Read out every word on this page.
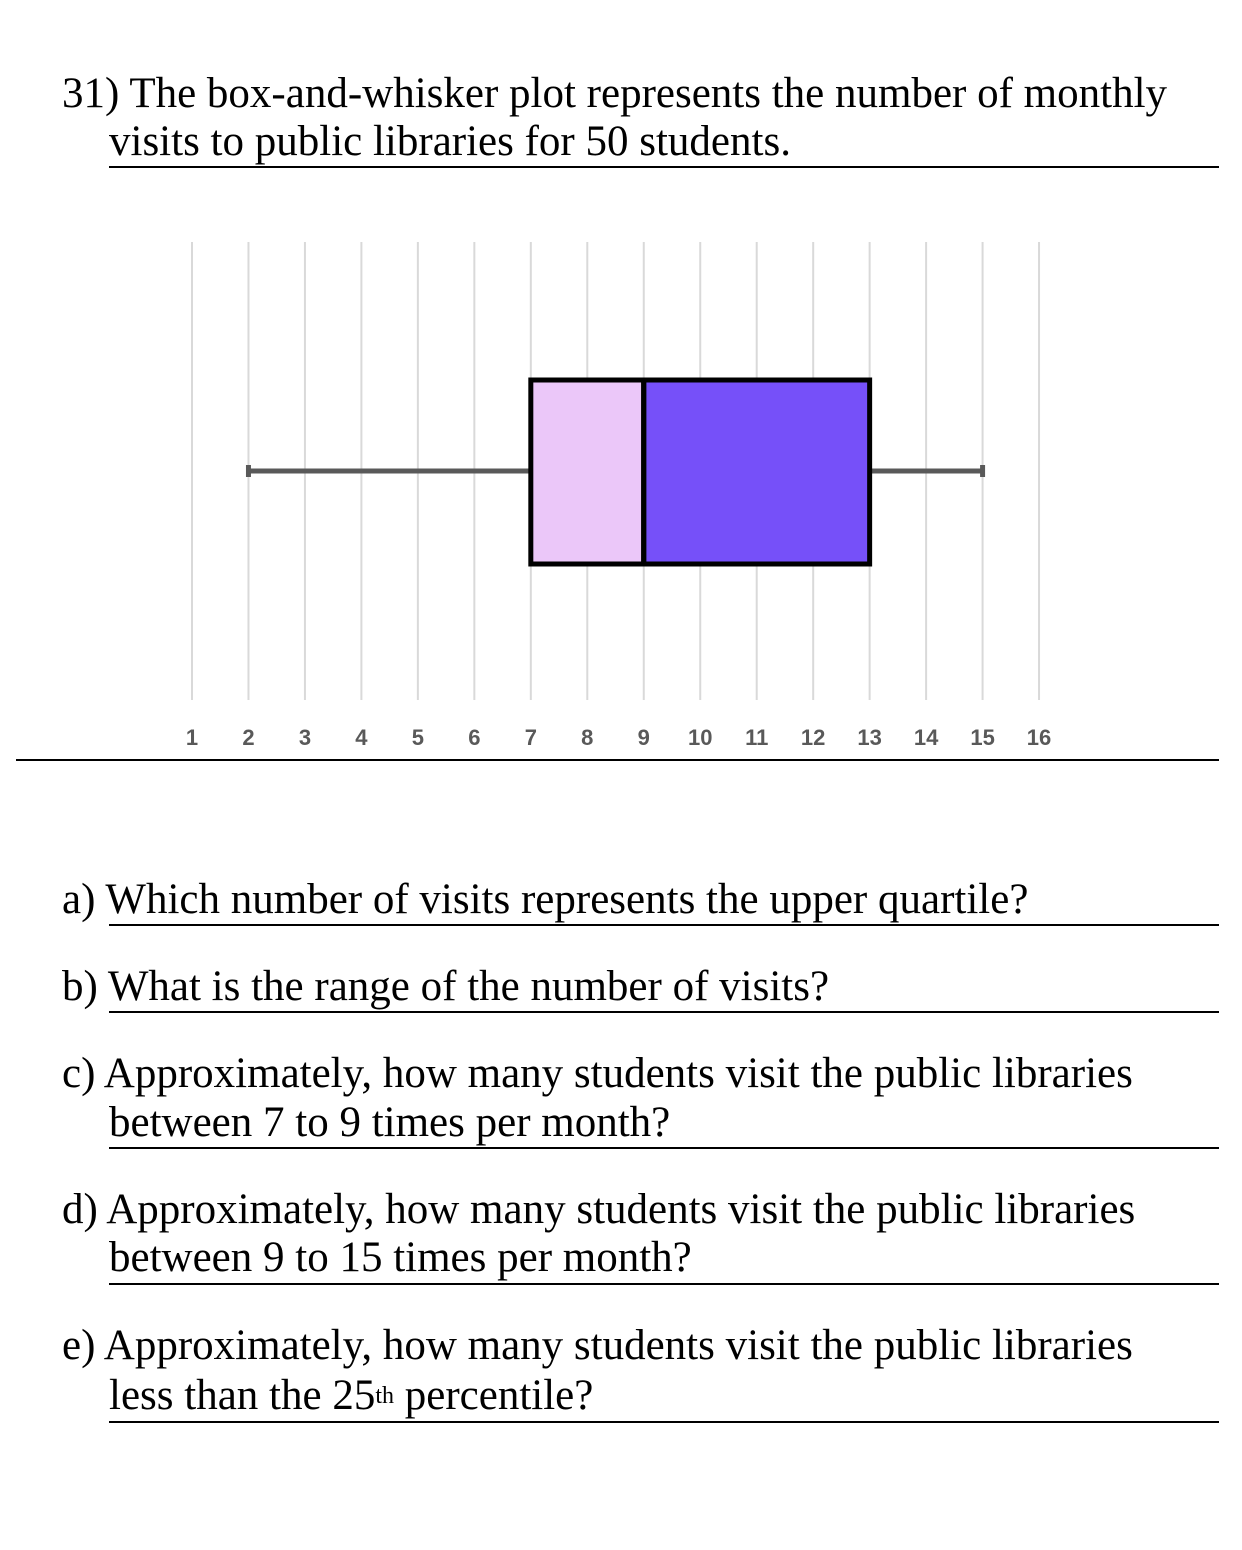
31) The box-and-whisker plot represents the number of monthly
visits to public libraries for 50 students.
1 2 3 4 5 6 7 8 9 10 11 12 13 14 15 16
a) Which number of visits represents the upper quartile?
b) What is the range of the number of visits?
c) Approximately, how many students visit the public libraries
between 7 to 9 times per month?
d) Approximately, how many students visit the public libraries
between 9 to 15 times per month?
e) Approximately, how many students visit the public libraries
less than the 25th percentile?
